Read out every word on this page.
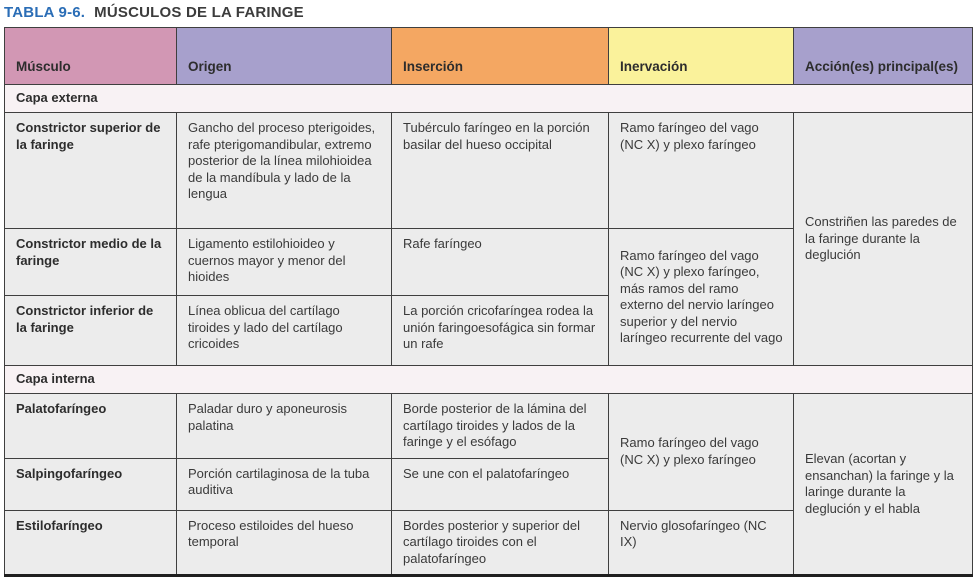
TABLA 9-6. MÚSCULOS DE LA FARINGE
Músculo	Origen	Inserción	Inervación	Acción(es) principal(es)
Capa externa				
Constrictor superior de la faringe	Gancho del proceso pterigoides, rafe pterigomandibular, extremo posterior de la línea milohioidea de la mandíbula y lado de la lengua	Tubérculo faríngeo en la porción basilar del hueso occipital	Ramo faríngeo del vago (NC X) y plexo faríngeo	Constriñen las paredes de la faringe durante la deglución
Constrictor medio de la faringe	Ligamento estilohioideo y cuernos mayor y menor del hioides	Rafe faríngeo	Ramo faríngeo del vago (NC X) y plexo faríngeo, más ramos del ramo externo del nervio laríngeo superior y del nervio laríngeo recurrente del vago	
Constrictor inferior de la faringe	Línea oblicua del cartílago tiroides y lado del cartílago cricoides	La porción cricofaríngea rodea la unión faringoesofágica sin formar un rafe		
Capa interna				
Palatofaríngeo	Paladar duro y aponeurosis palatina	Borde posterior de la lámina del cartílago tiroides y lados de la faringe y el esófago	Ramo faríngeo del vago (NC X) y plexo faríngeo	Elevan (acortan y ensanchan) la faringe y la laringe durante la deglución y el habla
Salpingofaríngeo	Porción cartilaginosa de la tuba auditiva	Se une con el palatofaríngeo		
Estilofaríngeo	Proceso estiloides del hueso temporal	Bordes posterior y superior del cartílago tiroides con el palatofaríngeo	Nervio glosofaríngeo (NC IX)	
